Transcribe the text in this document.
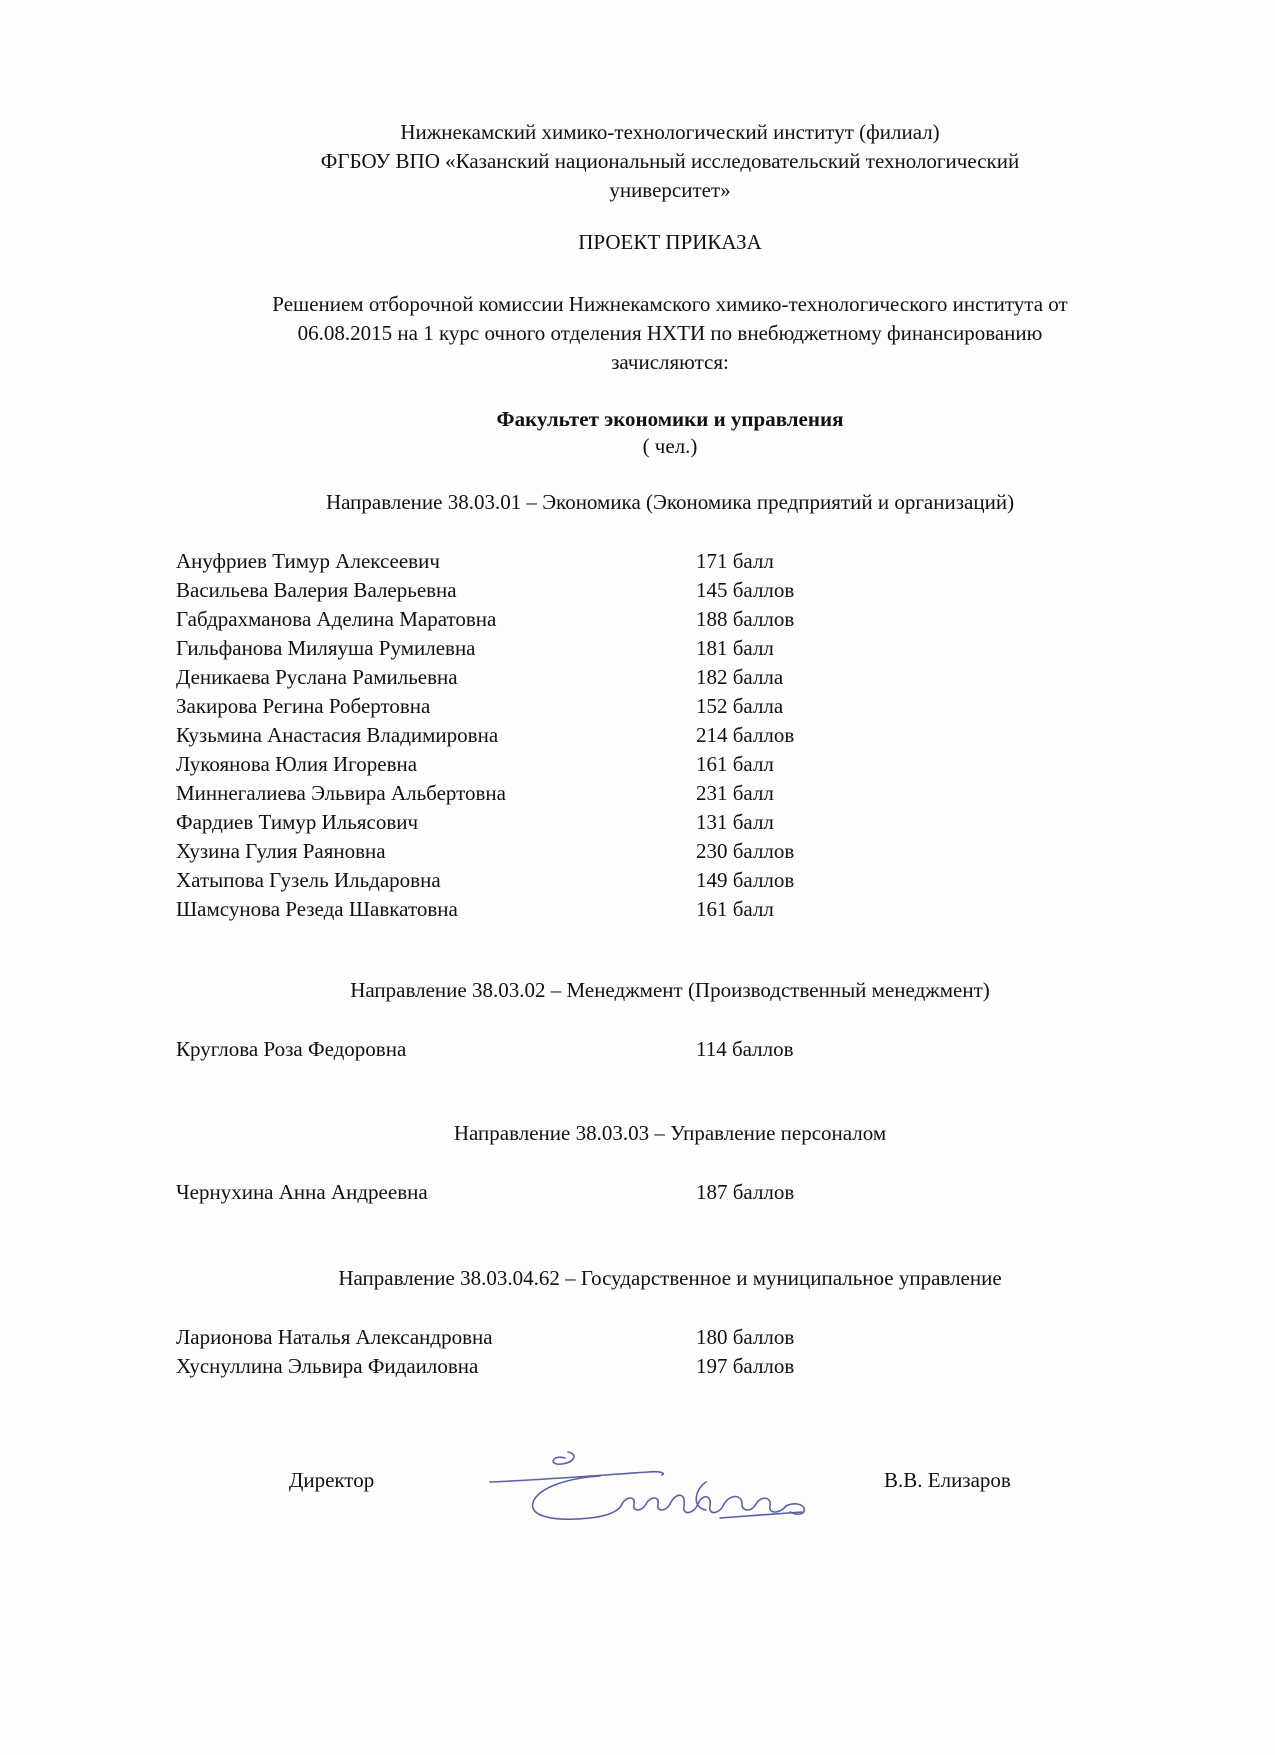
Нижнекамский химико-технологический институт (филиал)
ФГБОУ ВПО «Казанский национальный исследовательский технологический
университет»
ПРОЕКТ ПРИКАЗА
Решением отборочной комиссии Нижнекамского химико-технологического института от
06.08.2015 на 1 курс очного отделения НХТИ по внебюджетному финансированию
зачисляются:
Факультет экономики и управления
( чел.)
Направление 38.03.01 – Экономика (Экономика предприятий и организаций)
Ануфриев Тимур Алексеевич	171 балл
Васильева Валерия Валерьевна	145 баллов
Габдрахманова Аделина Маратовна	188 баллов
Гильфанова Миляуша Румилевна	181 балл
Деникаева Руслана Рамильевна	182 балла
Закирова Регина Робертовна	152 балла
Кузьмина Анастасия Владимировна	214 баллов
Лукоянова Юлия Игоревна	161 балл
Миннегалиева Эльвира Альбертовна	231 балл
Фардиев Тимур Ильясович	131 балл
Хузина Гулия Раяновна	230 баллов
Хатыпова Гузель Ильдаровна	149 баллов
Шамсунова Резеда Шавкатовна	161 балл
Направление 38.03.02 – Менеджмент (Производственный менеджмент)
Круглова Роза Федоровна	114 баллов
Направление 38.03.03 – Управление персоналом
Чернухина Анна Андреевна	187 баллов
Направление 38.03.04.62 – Государственное и муниципальное управление
Ларионова Наталья Александровна	180 баллов
Хуснуллина Эльвира Фидаиловна	197 баллов
Директор	В.В. Елизаров
